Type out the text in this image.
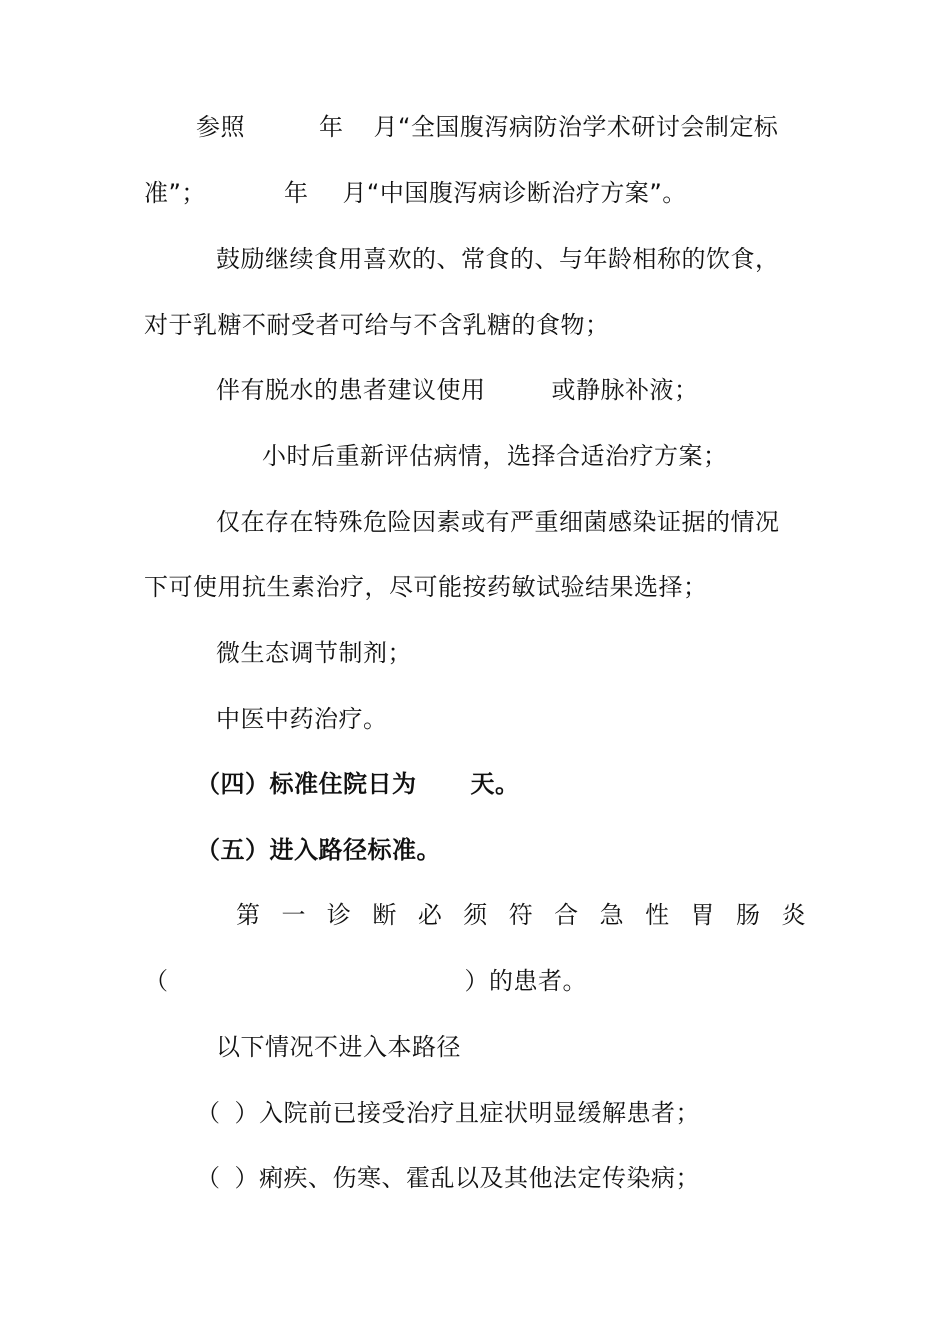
参照	年 月“全国腹泻病防治学术研讨会制定标
准”；	年 月“中国腹泻病诊断治疗方案”。
鼓励继续食用喜欢的、常食的、与年龄相称的饮食，
对于乳糖不耐受者可给与不含乳糖的食物；
伴有脱水的患者建议使用	或静脉补液；
小时后重新评估病情，选择合适治疗方案；
仅在存在特殊危险因素或有严重细菌感染证据的情况
下可使用抗生素治疗，尽可能按药敏试验结果选择；
微生态调节制剂；
中医中药治疗。
（四）标准住院日为 天。
（五）进入路径标准。
第 一 诊 断 必 须 符 合 急 性 胃 肠 炎
（	）的患者。
以下情况不进入本路径
（ ）入院前已接受治疗且症状明显缓解患者；
（ ）痢疾、伤寒、霍乱以及其他法定传染病；
